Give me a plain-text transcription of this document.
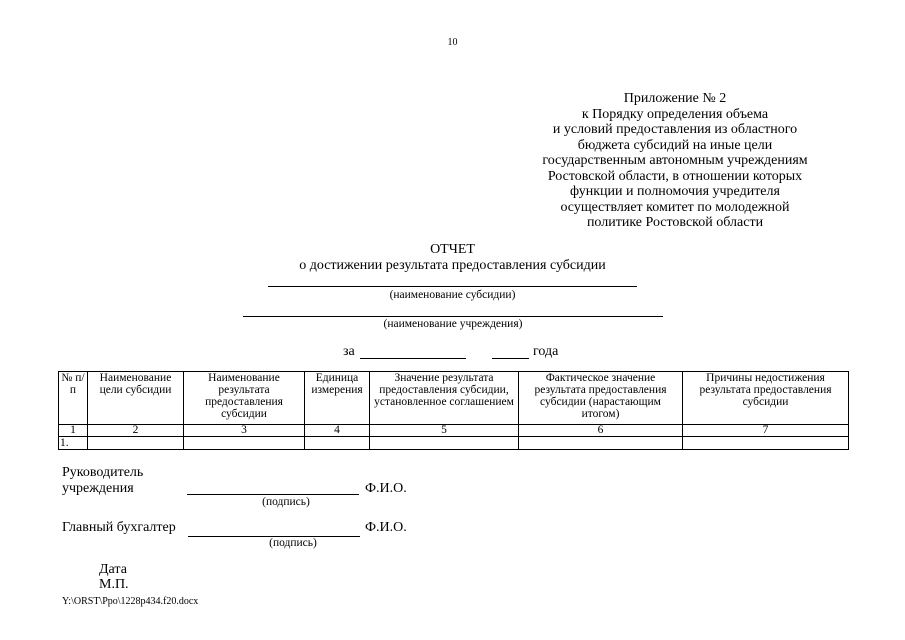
10
Приложение № 2
к Порядку определения объема
и условий предоставления из областного
бюджета субсидий на иные цели
государственным автономным учреждениям
Ростовской области, в отношении которых
функции и полномочия учредителя
осуществляет комитет по молодежной
политике Ростовской области
ОТЧЕТ
о достижении результата предоставления субсидии
(наименование субсидии)
(наименование учреждения)
за	года
№ п/п	Наименование цели субсидии	Наименование результата предоставления субсидии	Единица измерения	Значение результата предоставления субсидии, установленное соглашением	Фактическое значение результата предоставления субсидии (нарастающим итогом)	Причины недостижения результата предоставления субсидии
1	2	3	4	5	6	7
1.						
Руководитель
учреждения	Ф.И.О.
(подпись)
Главный бухгалтер	Ф.И.О.
(подпись)
Дата
М.П.
Y:\ORST\Ppo\1228p434.f20.docx
